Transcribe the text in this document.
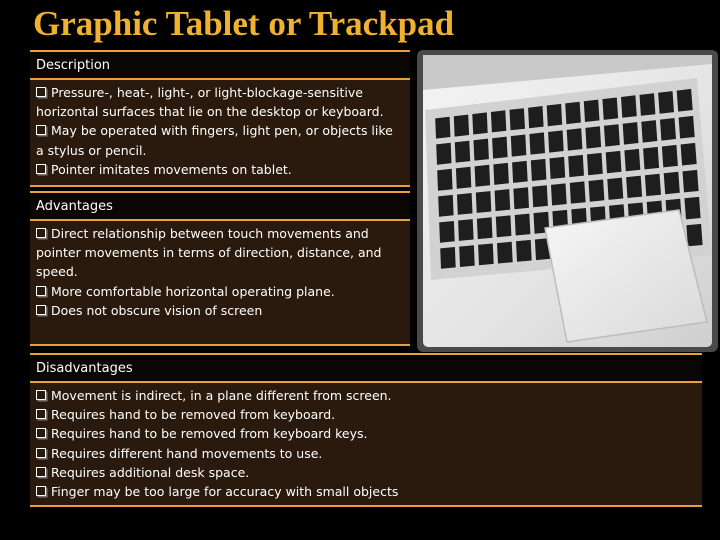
Graphic Tablet or Trackpad
Description
Pressure-, heat-, light-, or light-blockage-sensitive horizontal surfaces that lie on the desktop or keyboard.
May be operated with fingers, light pen, or objects like a stylus or pencil.
Pointer imitates movements on tablet.
Advantages
Direct relationship between touch movements and pointer movements in terms of direction, distance, and speed.
More comfortable horizontal operating plane.
Does not obscure vision of screen
Disadvantages
Movement is indirect, in a plane different from screen.
Requires hand to be removed from keyboard.
Requires hand to be removed from keyboard keys.
Requires different hand movements to use.
Requires additional desk space.
Finger may be too large for accuracy with small objects
